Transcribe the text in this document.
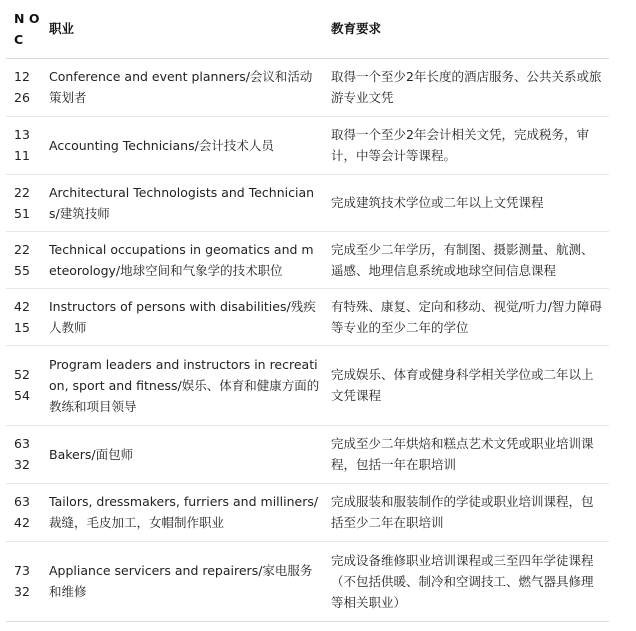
N OC	职业	教育要求
12 26	Conference and event planners/会议和活动策划者	取得一个至少2年长度的酒店服务、公共关系或旅游专业文凭
13 11	Accounting Technicians/会计技术人员	取得一个至少2年会计相关文凭，完成税务，审计，中等会计等课程。
22 51	Architectural Technologists and Technicians/建筑技师	完成建筑技术学位或二年以上文凭课程
22 55	Technical occupations in geomatics and meteorology/地球空间和气象学的技术职位	完成至少二年学历，有制图、摄影测量、航测、遥感、地理信息系统或地球空间信息课程
42 15	Instructors of persons with disabilities/残疾人教师	有特殊、康复、定向和移动、视觉/听力/智力障碍等专业的至少二年的学位
52 54	Program leaders and instructors in recreation, sport and fitness/娱乐、体育和健康方面的教练和项目领导	完成娱乐、体育或健身科学相关学位或二年以上文凭课程
63 32	Bakers/面包师	完成至少二年烘焙和糕点艺术文凭或职业培训课程，包括一年在职培训
63 42	Tailors, dressmakers, furriers and milliners/裁缝，毛皮加工，女帽制作职业	完成服装和服装制作的学徒或职业培训课程，包括至少二年在职培训
73 32	Appliance servicers and repairers/家电服务和维修	完成设备维修职业培训课程或三至四年学徒课程（不包括供暖、制冷和空调技工、燃气器具修理等相关职业）
